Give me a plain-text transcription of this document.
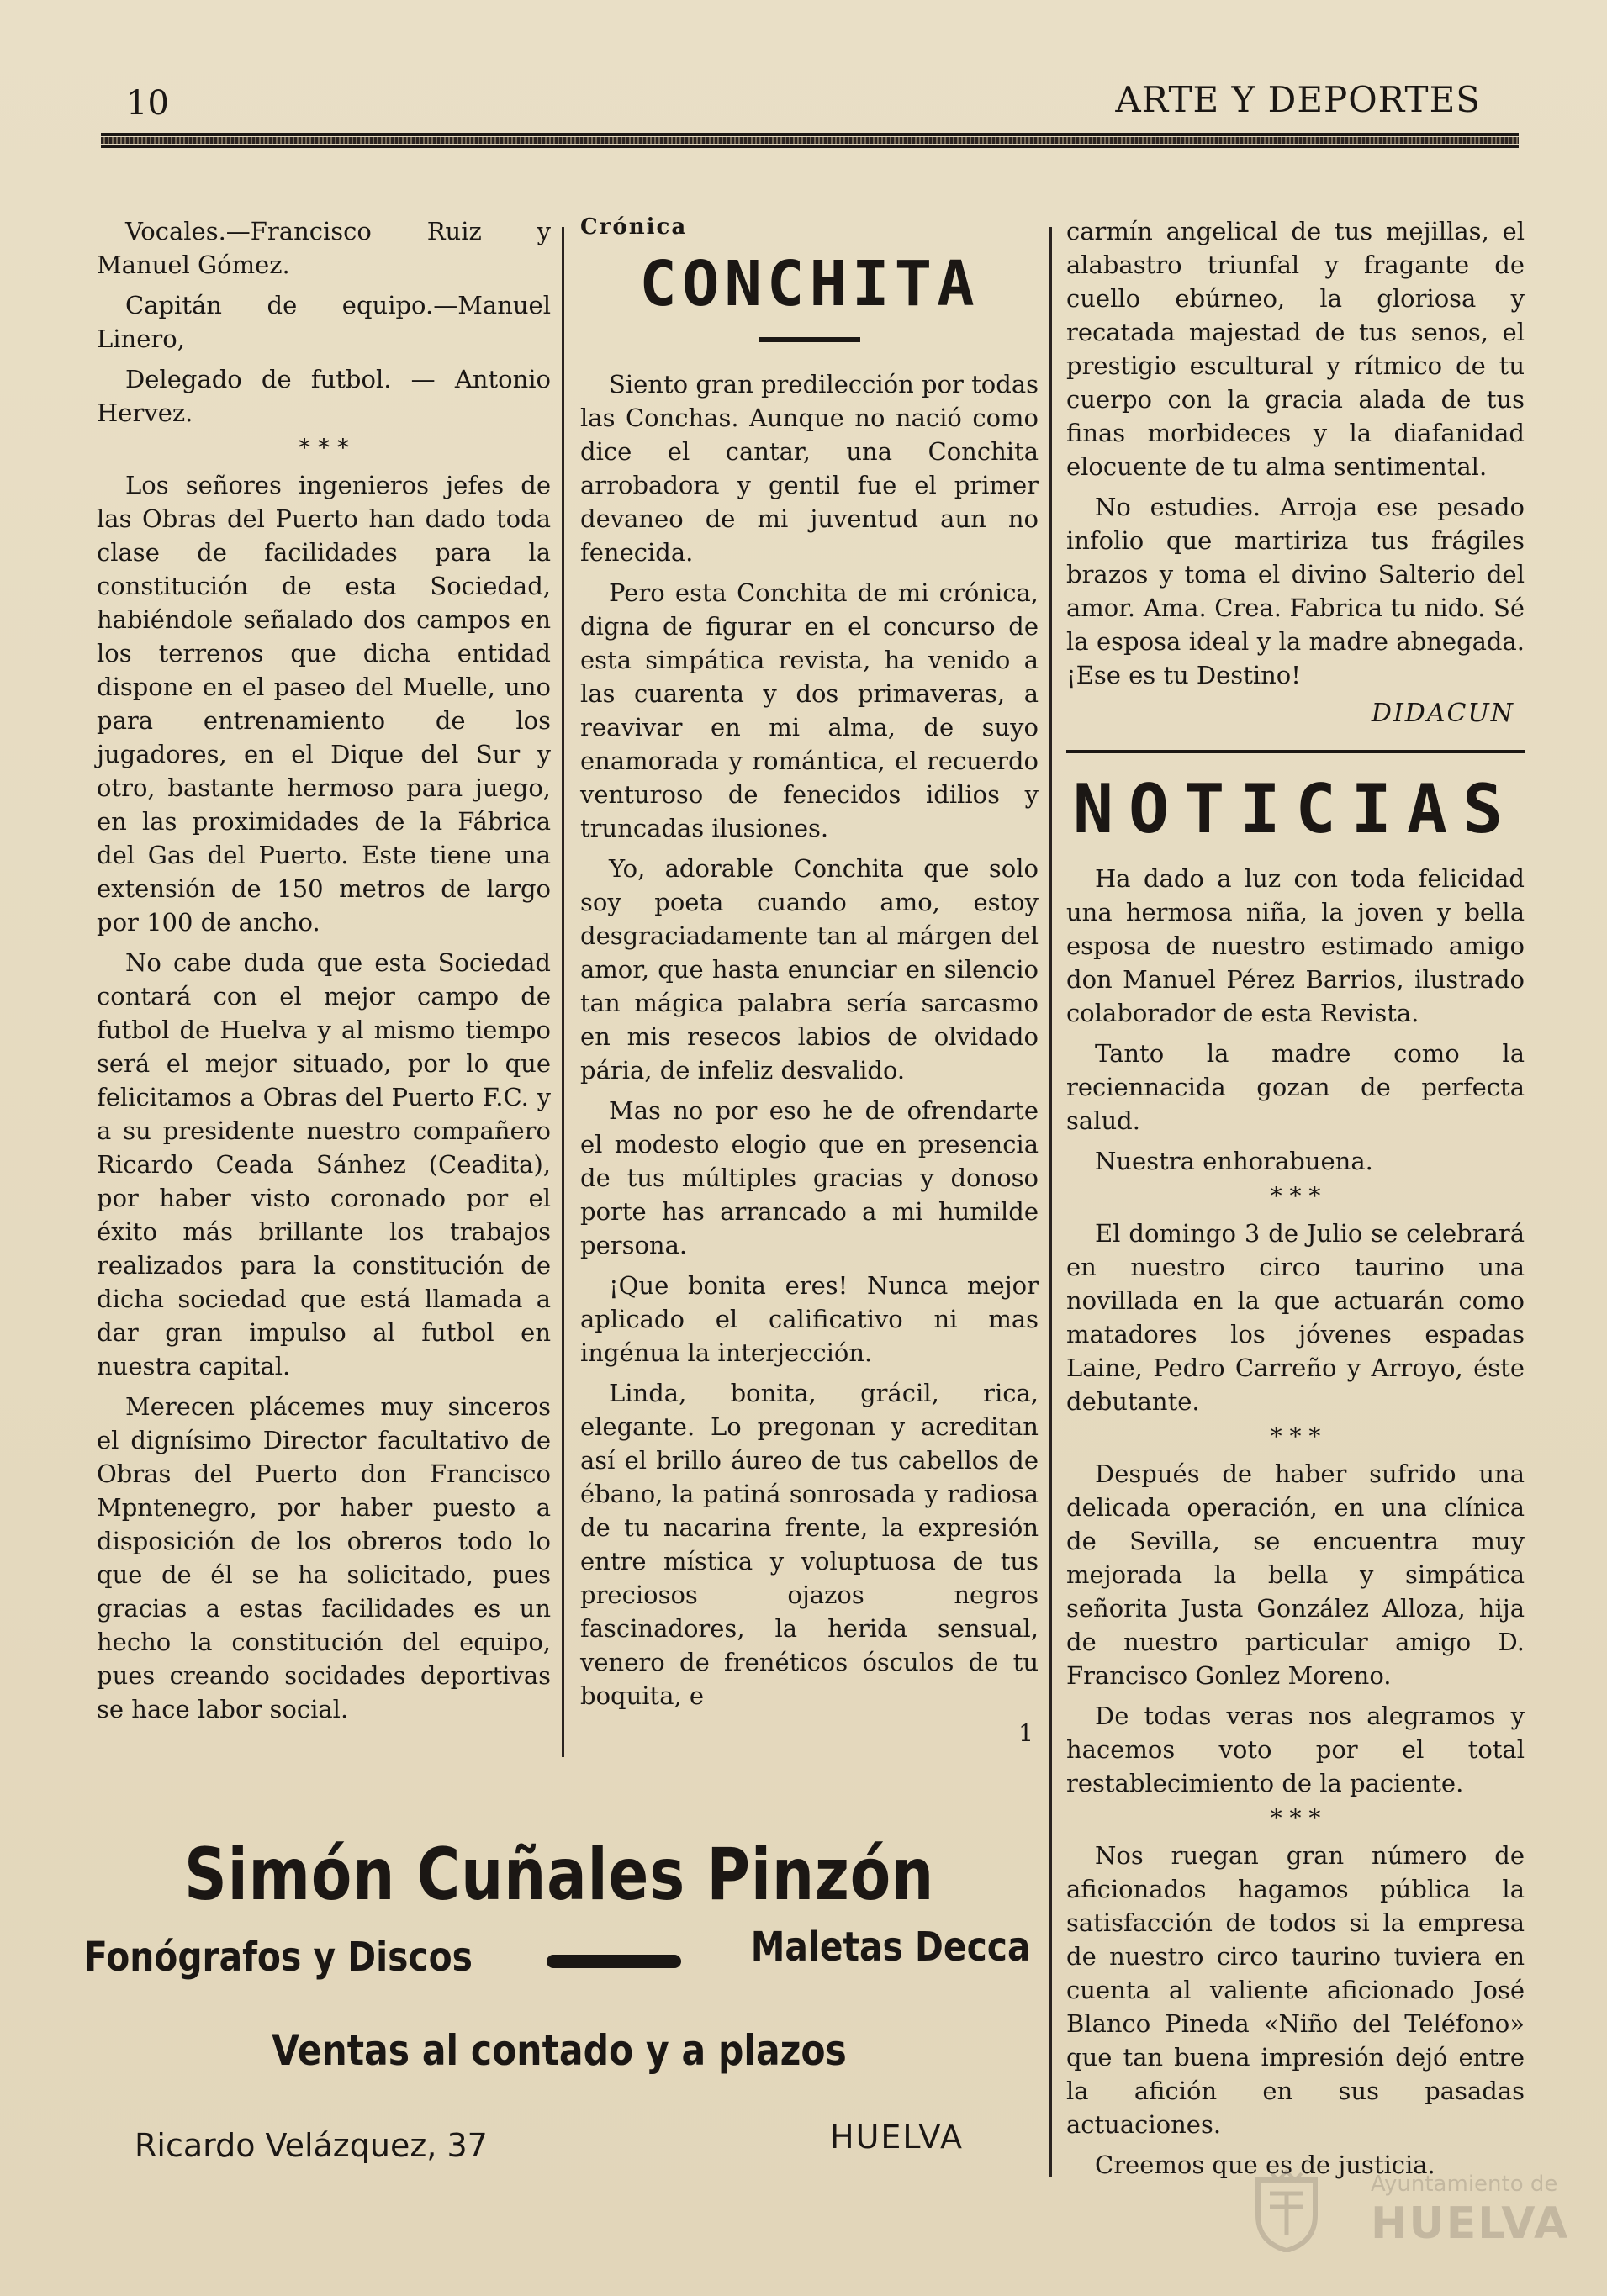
10	ARTE Y DEPORTES

Vocales.—Francisco Ruiz y Manuel Gómez.

Capitán de equipo.—Manuel Linero,

Delegado de futbol. — Antonio Hervez.

* * *

Los señores ingenieros jefes de las Obras del Puerto han dado toda clase de facilidades para la constitución de esta Sociedad, habiéndole señalado dos campos en los terrenos que dicha entidad dispone en el paseo del Muelle, uno para entrenamiento de los jugadores, en el Dique del Sur y otro, bastante hermoso para juego, en las proximidades de la Fábrica del Gas del Puerto. Este tiene una extensión de 150 metros de largo por 100 de ancho.

No cabe duda que esta Sociedad contará con el mejor campo de futbol de Huelva y al mismo tiempo será el mejor situado, por lo que felicitamos a Obras del Puerto F.C. y a su presidente nuestro compañero Ricardo Ceada Sánhez (Ceadita), por haber visto coronado por el éxito más brillante los trabajos realizados para la constitución de dicha sociedad que está llamada a dar gran impulso al futbol en nuestra capital.

Merecen plácemes muy sinceros el dignísimo Director facultativo de Obras del Puerto don Francisco Mpntenegro, por haber puesto a disposición de los obreros todo lo que de él se ha solicitado, pues gracias a estas facilidades es un hecho la constitución del equipo, pues creando socidades deportivas se hace labor social.

Crónica
CONCHITA

Siento gran predilección por todas las Conchas. Aunque no nació como dice el cantar, una Conchita arrobadora y gentil fue el primer devaneo de mi juventud aun no fenecida.

Pero esta Conchita de mi crónica, digna de figurar en el concurso de esta simpática revista, ha venido a las cuarenta y dos primaveras, a reavivar en mi alma, de suyo enamorada y romántica, el recuerdo venturoso de fenecidos idilios y truncadas ilusiones.

Yo, adorable Conchita que solo soy poeta cuando amo, estoy desgraciadamente tan al márgen del amor, que hasta enunciar en silencio tan mágica palabra sería sarcasmo en mis resecos labios de olvidado pária, de infeliz desvalido.

Mas no por eso he de ofrendarte el modesto elogio que en presencia de tus múltiples gracias y donoso porte has arrancado a mi humilde persona.

¡Que bonita eres! Nunca mejor aplicado el calificativo ni mas ingénua la interjección.

Linda, bonita, grácil, rica, elegante. Lo pregonan y acreditan así el brillo áureo de tus cabellos de ébano, la patiná sonrosada y radiosa de tu nacarina frente, la expresión entre mística y voluptuosa de tus preciosos ojazos negros fascinadores, la herida sensual, venero de frenéticos ósculos de tu boquita, e

1

carmín angelical de tus mejillas, el alabastro triunfal y fragante de cuello ebúrneo, la gloriosa y recatada majestad de tus senos, el prestigio escultural y rítmico de tu cuerpo con la gracia alada de tus finas morbideces y la diafanidad elocuente de tu alma sentimental.

No estudies. Arroja ese pesado infolio que martiriza tus frágiles brazos y toma el divino Salterio del amor. Ama. Crea. Fabrica tu nido. Sé la esposa ideal y la madre abnegada. ¡Ese es tu Destino!

DIDACUN
NOTICIAS

Ha dado a luz con toda felicidad una hermosa niña, la joven y bella esposa de nuestro estimado amigo don Manuel Pérez Barrios, ilustrado colaborador de esta Revista.

Tanto la madre como la reciennacida gozan de perfecta salud.

Nuestra enhorabuena.

* * *

El domingo 3 de Julio se celebrará en nuestro circo taurino una novillada en la que actuarán como matadores los jóvenes espadas Laine, Pedro Carreño y Arroyo, éste debutante.

* * *

Después de haber sufrido una delicada operación, en una clínica de Sevilla, se encuentra muy mejorada la bella y simpática señorita Justa González Alloza, hija de nuestro particular amigo D. Francisco Gonlez Moreno.

De todas veras nos alegramos y hacemos voto por el total restablecimiento de la paciente.

* * *

Nos ruegan gran número de aficionados hagamos pública la satisfacción de todos si la empresa de nuestro circo taurino tuviera en cuenta al valiente aficionado José Blanco Pineda «Niño del Teléfono» que tan buena impresión dejó entre la afición en sus pasadas actuaciones.

Creemos que es de justicia.

Simón Cuñales Pinzón
Fonógrafos y Discos	Maletas Decca
Ventas al contado y a plazos
Ricardo Velázquez, 37	HUELVA
Ayuntamiento de
HUELVA
